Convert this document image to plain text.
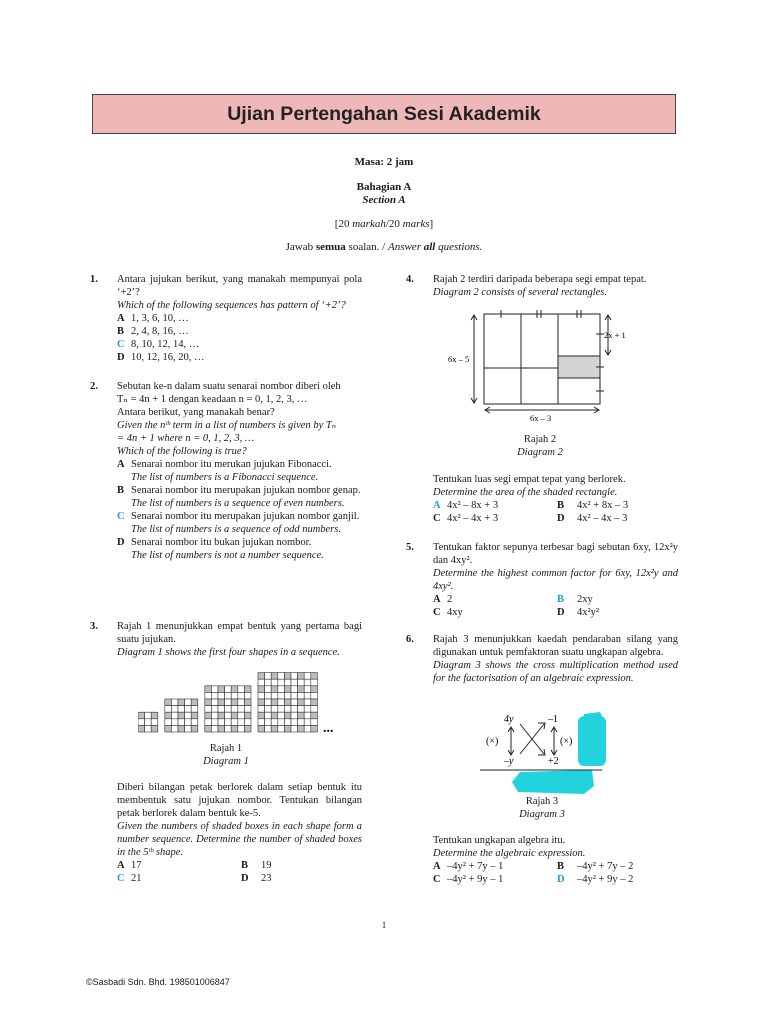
Ujian Pertengahan Sesi Akademik
Masa: 2 jam
Bahagian A
Section A
[20 markah/20 marks]
Jawab semua soalan. / Answer all questions.
1. Antara jujukan berikut, yang manakah mempunyai pola ‘+2’?

Which of the following sequences has pattern of ‘+2’?

A 1, 3, 6, 10, …
B 2, 4, 8, 16, …
C 8, 10, 12, 14, …
D 10, 12, 16, 20, …
2. Sebutan ke-n dalam suatu senarai nombor diberi oleh

Tₙ = 4n + 1 dengan keadaan n = 0, 1, 2, 3, …

Antara berikut, yang manakah benar?

Given the nᵗʰ term in a list of numbers is given by Tₙ

= 4n + 1 where n = 0, 1, 2, 3, …

Which of the following is true?

A Senarai nombor itu merukan jujukan Fibonacci.
The list of numbers is a Fibonacci sequence.
B Senarai nombor itu merupakan jujukan nombor genap.
The list of numbers is a sequence of even numbers.
C Senarai nombor itu merupakan jujukan nombor ganjil.
The list of numbers is a sequence of odd numbers.
D Senarai nombor itu bukan jujukan nombor.
The list of numbers is not a number sequence.
3. Rajah 1 menunjukkan empat bentuk yang pertama bagi suatu jujukan.

Diagram 1 shows the first four shapes in a sequence.

...

Rajah 1

Diagram 1

Diberi bilangan petak berlorek dalam setiap bentuk itu membentuk satu jujukan nombor. Tentukan bilangan petak berlorek dalam bentuk ke-5.

Given the numbers of shaded boxes in each shape form a number sequence. Determine the number of shaded boxes in the 5ᵗʰ shape.

A 17	B	19
C 21	D	23
4. Rajah 2 terdiri daripada beberapa segi empat tepat.

Diagram 2 consists of several rectangles.

2x + 1
6x – 5
6x – 3

Rajah 2

Diagram 2

Tentukan luas segi empat tepat yang berlorek.

Determine the area of the shaded rectangle.

A 4x² – 8x + 3	B	4x² + 8x – 3
C 4x² – 4x + 3	D	4x² – 4x – 3
5. Tentukan faktor sepunya terbesar bagi sebutan 6xy, 12x²y dan 4xy².

Determine the highest common factor for 6xy, 12x²y and 4xy².

A 2	B	2xy
C 4xy	D	4x²y²
6. Rajah 3 menunjukkan kaedah pendaraban silang yang digunakan untuk pemfaktoran suatu ungkapan algebra.

Diagram 3 shows the cross multiplication method used for the factorisation of an algebraic expression.

4y	–1
(×)	(×)
–y	+2

Rajah 3

Diagram 3

Tentukan ungkapan algebra itu.

Determine the algebraic expression.

A –4y² + 7y – 1	B	–4y² + 7y – 2
C –4y² + 9y – 1	D	–4y² + 9y – 2
1
©Sasbadi Sdn. Bhd. 198501006847
